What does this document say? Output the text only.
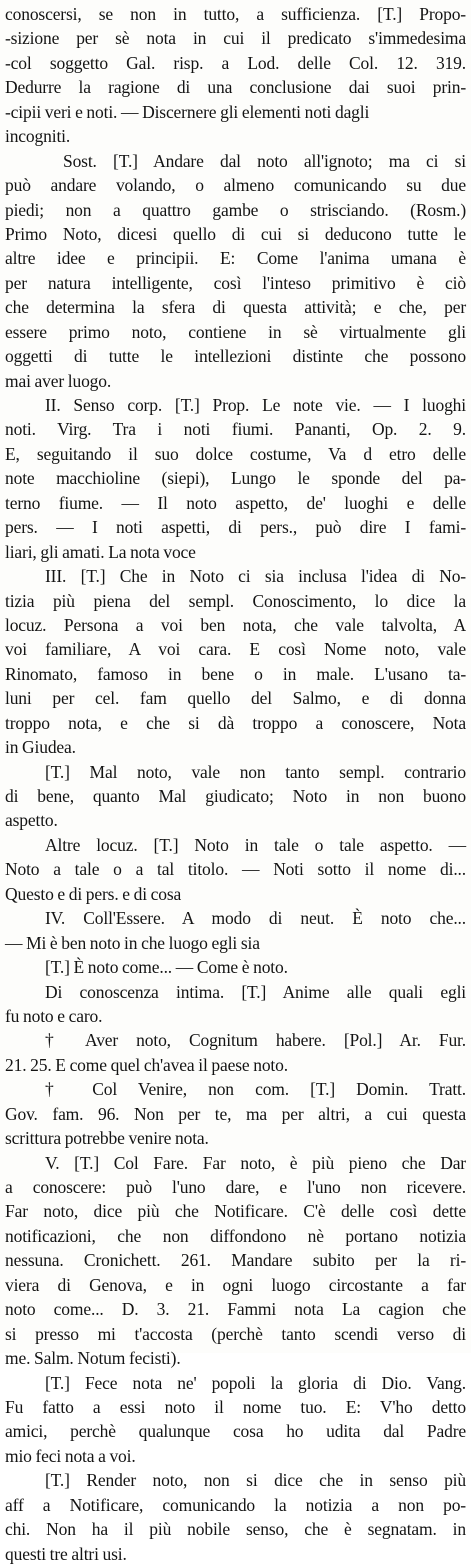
conoscersi, se non in tutto, a sufficienza. [T.] Propo-
-sizione per sè nota in cui il predicato s'immedesima
-col soggetto Gal. risp. a Lod. delle Col. 12. 319.
Dedurre la ragione di una conclusione dai suoi prin-
-cipii veri e noti. — Discernere gli elementi noti dagli
incogniti.
Sost. [T.] Andare dal noto all'ignoto; ma ci si
può andare volando, o almeno comunicando su due
piedi; non a quattro gambe o strisciando. (Rosm.)
Primo Noto, dicesi quello di cui si deducono tutte le
altre idee e principii. E: Come l'anima umana è
per natura intelligente, così l'inteso primitivo è ciò
che determina la sfera di questa attività; e che, per
essere primo noto, contiene in sè virtualmente gli
oggetti di tutte le intellezioni distinte che possono
mai aver luogo.
II. Senso corp. [T.] Prop. Le note vie. — I luoghi
noti. Virg. Tra i noti fiumi. Pananti, Op. 2. 9.
E, seguitando il suo dolce costume, Va d etro delle
note macchioline (siepi), Lungo le sponde del pa-
terno fiume. — Il noto aspetto, de' luoghi e delle
pers. — I noti aspetti, di pers., può dire I fami-
liari, gli amati. La nota voce
III. [T.] Che in Noto ci sia inclusa l'idea di No-
tizia più piena del sempl. Conoscimento, lo dice la
locuz. Persona a voi ben nota, che vale talvolta, A
voi familiare, A voi cara. E così Nome noto, vale
Rinomato, famoso in bene o in male. L'usano ta-
luni per cel. fam quello del Salmo, e di donna
troppo nota, e che si dà troppo a conoscere, Nota
in Giudea.
[T.] Mal noto, vale non tanto sempl. contrario
di bene, quanto Mal giudicato; Noto in non buono
aspetto.
Altre locuz. [T.] Noto in tale o tale aspetto. —
Noto a tale o a tal titolo. — Noti sotto il nome di...
Questo e di pers. e di cosa
IV. Coll'Essere. A modo di neut. È noto che...
— Mi è ben noto in che luogo egli sia
[T.] È noto come... — Come è noto.
Di conoscenza intima. [T.] Anime alle quali egli
fu noto e caro.
† Aver noto, Cognitum habere. [Pol.] Ar. Fur.
21. 25. E come quel ch'avea il paese noto.
† Col Venire, non com. [T.] Domin. Tratt.
Gov. fam. 96. Non per te, ma per altri, a cui questa
scrittura potrebbe venire nota.
V. [T.] Col Fare. Far noto, è più pieno che Dar
a conoscere: può l'uno dare, e l'uno non ricevere.
Far noto, dice più che Notificare. C'è delle così dette
notificazioni, che non diffondono nè portano notizia
nessuna. Cronichett. 261. Mandare subito per la ri-
viera di Genova, e in ogni luogo circostante a far
noto come... D. 3. 21. Fammi nota La cagion che
si presso mi t'accosta (perchè tanto scendi verso di
me. Salm. Notum fecisti).
[T.] Fece nota ne' popoli la gloria di Dio. Vang.
Fu fatto a essi noto il nome tuo. E: V'ho detto
amici, perchè qualunque cosa ho udita dal Padre
mio feci nota a voi.
[T.] Render noto, non si dice che in senso più
aff a Notificare, comunicando la notizia a non po-
chi. Non ha il più nobile senso, che è segnatam. in
questi tre altri usi.
